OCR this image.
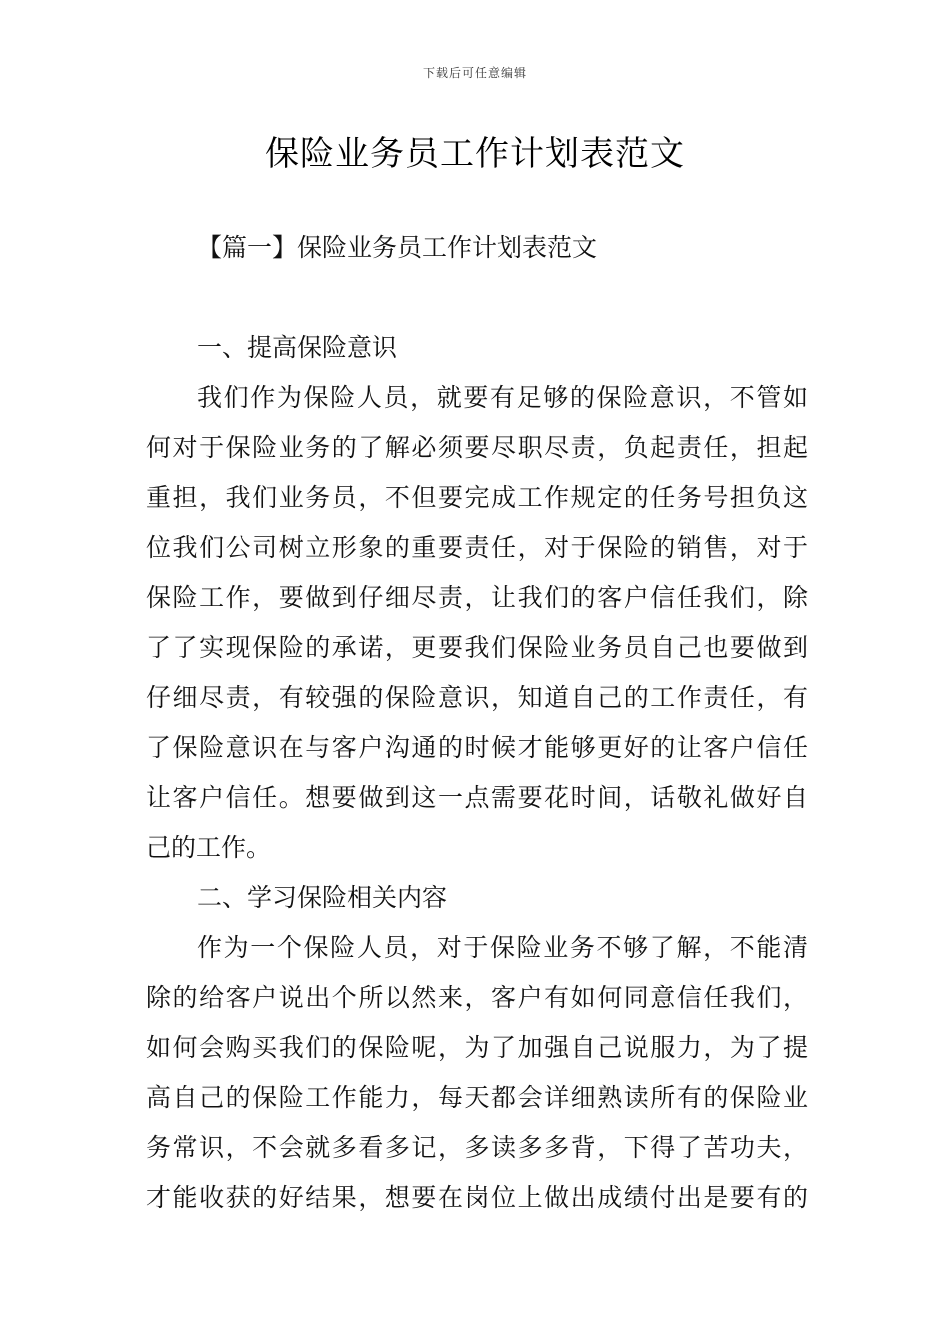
下载后可任意编辑
保险业务员工作计划表范文
【篇一】保险业务员工作计划表范文
一、提高保险意识
我们作为保险人员，就要有足够的保险意识，不管如
何对于保险业务的了解必须要尽职尽责，负起责任，担起
重担，我们业务员，不但要完成工作规定的任务号担负这
位我们公司树立形象的重要责任，对于保险的销售，对于
保险工作，要做到仔细尽责，让我们的客户信任我们，除
了了实现保险的承诺，更要我们保险业务员自己也要做到
仔细尽责，有较强的保险意识，知道自己的工作责任，有
了保险意识在与客户沟通的时候才能够更好的让客户信任
让客户信任。想要做到这一点需要花时间，话敬礼做好自
己的工作。
二、学习保险相关内容
作为一个保险人员，对于保险业务不够了解，不能清
除的给客户说出个所以然来，客户有如何同意信任我们，
如何会购买我们的保险呢，为了加强自己说服力，为了提
高自己的保险工作能力，每天都会详细熟读所有的保险业
务常识，不会就多看多记，多读多多背，下得了苦功夫，
才能收获的好结果，想要在岗位上做出成绩付出是要有的
